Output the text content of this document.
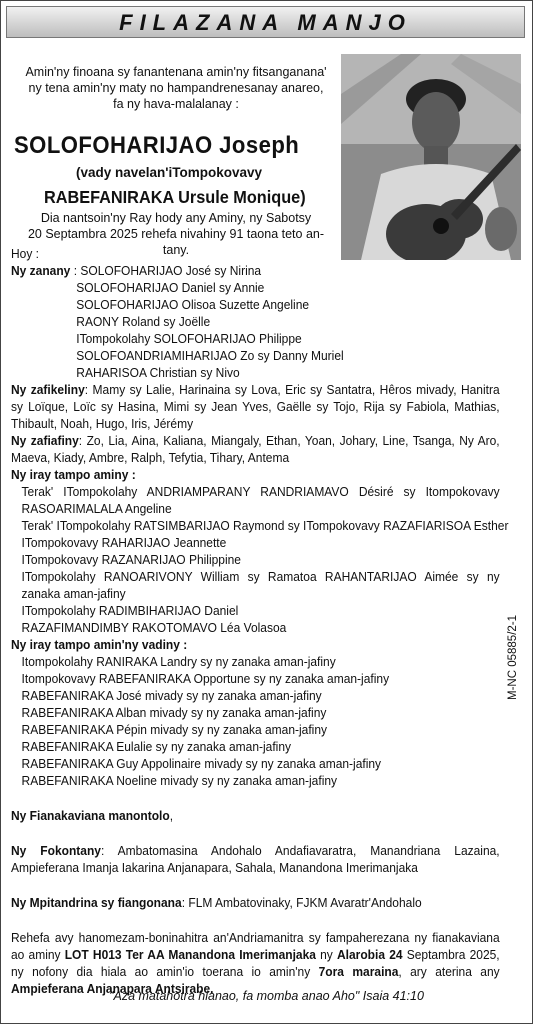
FILAZANA MANJO
Amin'ny finoana sy fanantenana amin'ny fitsanganana'
ny tena amin'ny maty no hampandrenesanay anareo,
fa ny hava-malalanay :
SOLOFOHARIJAO Joseph
(vady navelan'iTompokovavy
RABEFANIRAKA Ursule Monique)
Dia nantsoin'ny Ray hody any Aminy, ny Sabotsy
20 Septambra 2025 rehefa nivahiny 91 taona teto an-tany.
Hoy :
Ny zanany : SOLOFOHARIJAO José sy Nirina
SOLOFOHARIJAO Daniel sy Annie
SOLOFOHARIJAO Olisoa Suzette Angeline
RAONY Roland sy Joëlle
ITompokolahy SOLOFOHARIJAO Philippe
SOLOFOANDRIAMIHARIJAO Zo sy Danny Muriel
RAHARISOA Christian sy Nivo
Ny zafikeliny: Mamy sy Lalie, Harinaina sy Lova, Eric sy Santatra, Hêros mivady, Hanitra sy Loïque, Loïc sy Hasina, Mimi sy Jean Yves, Gaëlle sy Tojo, Rija sy Fabiola, Mathias, Thibault, Noah, Hugo, Iris, Jérémy
Ny zafiafiny: Zo, Lia, Aina, Kaliana, Miangaly, Ethan, Yoan, Johary, Line, Tsanga, Ny Aro, Maeva, Kiady, Ambre, Ralph, Tefytia, Tihary, Antema
Ny iray tampo aminy :
Terak' ITompokolahy ANDRIAMPARANY RANDRIAMAVO Désiré sy Itompokovavy RASOARIMALALA Angeline
Terak' ITompokolahy RATSIMBARIJAO Raymond sy ITompokovavy RAZAFIARISOA Esther
ITompokovavy RAHARIJAO Jeannette
ITompokovavy RAZANARIJAO Philippine
ITompokolahy RANOARIVONY William sy Ramatoa RAHANTARIJAO Aimée sy ny zanaka aman-jafiny
ITompokolahy RADIMBIHARIJAO Daniel
RAZAFIMANDIMBY RAKOTOMAVO Léa Volasoa
Ny iray tampo amin'ny vadiny :
Itompokolahy RANIRAKA Landry sy ny zanaka aman-jafiny
Itompokovavy RABEFANIRAKA Opportune sy ny zanaka aman-jafiny
RABEFANIRAKA José mivady sy ny zanaka aman-jafiny
RABEFANIRAKA Alban mivady sy ny zanaka aman-jafiny
RABEFANIRAKA Pépin mivady sy ny zanaka aman-jafiny
RABEFANIRAKA Eulalie sy ny zanaka aman-jafiny
RABEFANIRAKA Guy Appolinaire mivady sy ny zanaka aman-jafiny
RABEFANIRAKA Noeline mivady sy ny zanaka aman-jafiny
Ny Fianakaviana manontolo,
Ny Fokontany: Ambatomasina Andohalo Andafiavaratra, Manandriana Lazaina, Ampieferana Imanja Iakarina Anjanapara, Sahala, Manandona Imerimanjaka
Ny Mpitandrina sy fiangonana: FLM Ambatovinaky, FJKM Avaratr'Andohalo
Rehefa avy hanomezam-boninahitra an'Andriamanitra sy fampaherezana ny fianakaviana ao aminy LOT H013 Ter AA Manandona Imerimanjaka ny Alarobia 24 Septambra 2025, ny nofony dia hiala ao amin'io toerana io amin'ny 7ora maraina, ary aterina any Ampieferana Anjanapara Antsirabe.
"Aza matahotra hianao, fa momba anao Aho" Isaia 41:10
M-NC 05885/2-1
